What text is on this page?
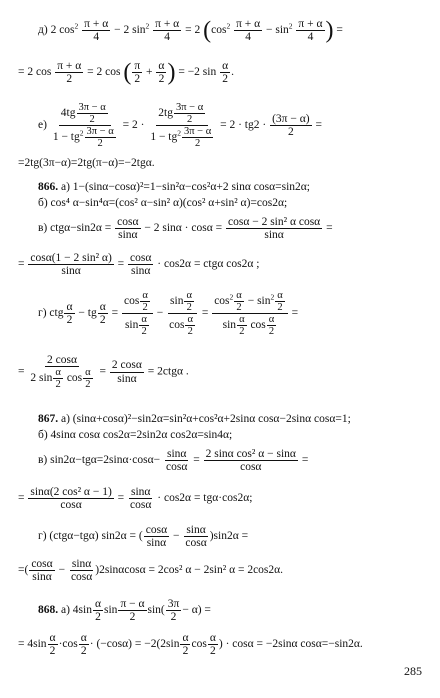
д) 2 $\cos^2 \frac{\pi + \alpha}{4} - 2$ $\sin^2 \frac{\pi + \alpha}{4} = 2$ ($\cos^2 \frac{\pi + \alpha}{4} - \sin^2 \frac{\pi + \alpha}{4}$ ) =
= 2 $\cos \frac{\pi + \alpha}{2} = 2$ cos ( $\frac{\pi}{2} + \frac{\alpha}{2}$ ) = −2 $\sin \frac{\alpha}{2}$ .
$е) \frac{4tg \frac{3\pi - \alpha}{2}}{1 - tg^2 \frac{3\pi - \alpha}{2}} = 2 \cdot \frac{2tg \frac{3\pi - \alpha}{2}}{1 - tg^2 \frac{3\pi - \alpha}{2}} = 2 \cdot tg2 \cdot \frac{(3\pi - \alpha)}{2}$ =
=2tg(3π−α)=2tg(π−α)=−2tgα.
866. а) 1−(sinα−cosα)²=1−sin²α−cos²α+2 sinα cosα=sin2α;
б) cos⁴ α−sin⁴α=(cos² α−sin² α)(cos² α+sin² α)=cos2α;
в) $ctg\alpha-\sin 2\alpha = \frac{\cos\alpha}{\sin\alpha} - 2$ $\sin\alpha \cdot \cos\alpha = \frac{\text{cosα − 2 sin² α cosα}}{\sin\alpha}$ =
= $\frac{\text{cosα(1 − 2 sin² α)}}{\sin\alpha} = \frac{\cos\alpha}{\sin\alpha} \cdot \cos 2\alpha = ctg\alpha$ cos2α ;
г) ctg $\frac{\alpha}{2}$ − tg $\frac{\alpha}{2} = \frac{\cos \frac{\alpha}{2}}{\sin \frac{\alpha}{2}} - \frac{\sin \frac{\alpha}{2}}{\cos \frac{\alpha}{2}} = \frac{\cos^2 \frac{\alpha}{2} - \sin^2 \frac{\alpha}{2}}{\sin \frac{\alpha}{2} \cos \frac{\alpha}{2}}$ =
= $\frac{2 \cos\alpha}{2 \sin \frac{\alpha}{2} \cos \frac{\alpha}{2}} = \frac{2 \cos\alpha}{\sin\alpha} = 2ctg\alpha$ .
867. а) (sinα+cosα)²−sin2α=sin²α+cos²α+2sinα cosα−2sinα cosα=1;
б) 4sinα cosα cos2α=2sin2α cos2α=sin4α;
в) $\sin 2\alpha-tg\alpha=2\sin\alpha\cdot\cos\alpha- \frac{\sin\alpha}{\cos\alpha} = \frac{\text{2 sinα cos² α − sinα}}{\cos\alpha}$ =
= $\frac{\text{sinα(2 cos² α − 1)}}{\cos\alpha} = \frac{\sin\alpha}{\cos\alpha} \cdot \cos 2\alpha = tg\alpha\cdot\cos 2\alpha$;
г) (ctgα−tgα) sin2α = ( $\frac{\cos\alpha}{\sin\alpha} - \frac{\sin\alpha}{\cos\alpha} )\sin 2\alpha$ =
=( $\frac{\cos\alpha}{\sin\alpha} - \frac{\sin\alpha}{\cos\alpha} )2\sin\alpha\cos\alpha = 2\cos^2$ α − 2sin² α = 2cos2α.
868. а) $4\sin \frac{\alpha}{2}$ $\sin \frac{\pi - \alpha}{2} \sin( \frac{3\pi}{2} - \alpha)$ =
= $4\sin \frac{\alpha}{2} \cdot\cos \frac{\alpha}{2} \cdot (-\cos\alpha) = -2(2\sin \frac{\alpha}{2}$ $\cos \frac{\alpha}{2}$ ) · cosα = −2sinα cosα=−sin2α.
285
